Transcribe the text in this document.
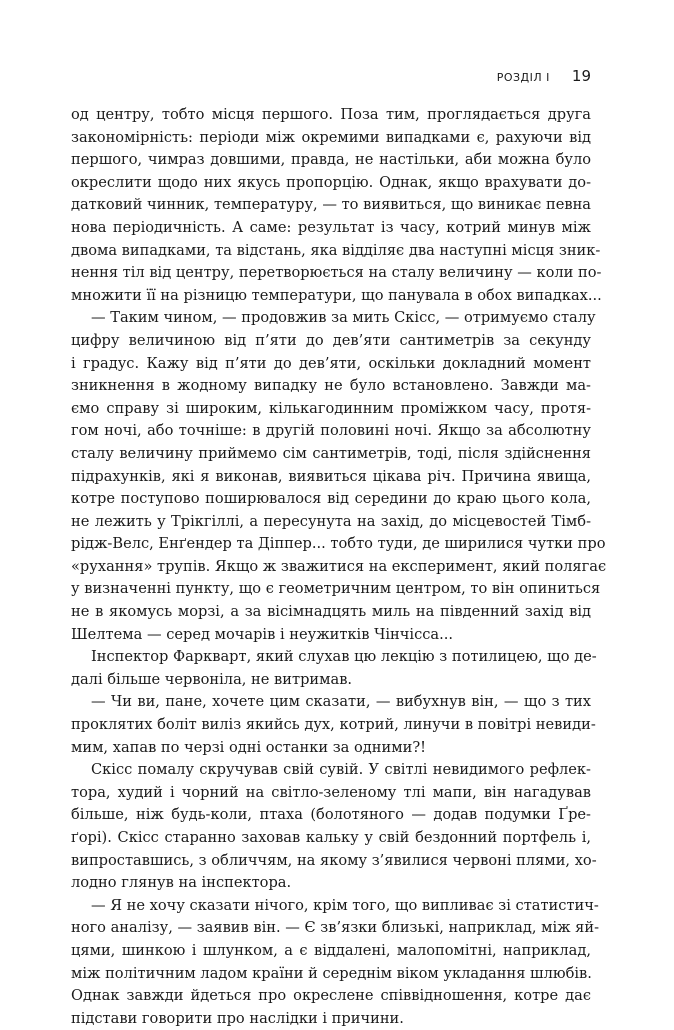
РОЗДІЛ І 19
од центру, тобто місця першого. Поза тим, проглядається друга
закономірність: періоди між окремими випадками є, рахуючи від
першого, чимраз довшими, правда, не настільки, аби можна було
окреслити щодо них якусь пропорцію. Однак, якщо врахувати до-
датковий чинник, температуру, — то виявиться, що виникає певна
нова періодичність. А саме: результат із часу, котрий минув між
двома випадками, та відстань, яка відділяє два наступні місця зник-
нення тіл від центру, перетворюється на сталу величину — коли по-
множити її на різницю температури, що панувала в обох випадках...
— Таким чином, — продовжив за мить Скісс, — отримуємо сталу
цифру величиною від п’яти до дев’яти сантиметрів за секунду
і градус. Кажу від п’яти до дев’яти, оскільки докладний момент
зникнення в жодному випадку не було встановлено. Завжди ма-
ємо справу зі широким, кількагодинним проміжком часу, протя-
гом ночі, або точніше: в другій половині ночі. Якщо за абсолютну
сталу величину приймемо сім сантиметрів, тоді, після здійснення
підрахунків, які я виконав, виявиться цікава річ. Причина явища,
котре поступово поширювалося від середини до краю цього кола,
не лежить у Трікгіллі, а пересунута на захід, до місцевостей Тімб-
рідж-Велс, Енґендер та Діппер... тобто туди, де ширилися чутки про
«рухання» трупів. Якщо ж зважитися на експеримент, який полягає
у визначенні пункту, що є геометричним центром, то він опиниться
не в якомусь морзі, а за вісімнадцять миль на південний захід від
Шелтема — серед мочарів і неужитків Чінчісса...
Інспектор Фаркварт, який слухав цю лекцію з потилицею, що де-
далі більше червоніла, не витримав.
— Чи ви, пане, хочете цим сказати, — вибухнув він, — що з тих
проклятих боліт виліз якийсь дух, котрий, линучи в повітрі невиди-
мим, хапав по черзі одні останки за одними?!
Скісс помалу скручував свій сувій. У світлі невидимого рефлек-
тора, худий і чорний на світло-зеленому тлі мапи, він нагадував
більше, ніж будь-коли, птаха (болотяного — додав подумки Ґре-
ґорі). Скісс старанно заховав кальку у свій бездонний портфель і,
випроставшись, з обличчям, на якому з’явилися червоні плями, хо-
лодно глянув на інспектора.
— Я не хочу сказати нічого, крім того, що випливає зі статистич-
ного аналізу, — заявив він. — Є зв’язки близькі, наприклад, між яй-
цями, шинкою і шлунком, а є віддалені, малопомітні, наприклад,
між політичним ладом країни й середнім віком укладання шлюбів.
Однак завжди йдеться про окреслене співвідношення, котре дає
підстави говорити про наслідки і причини.
